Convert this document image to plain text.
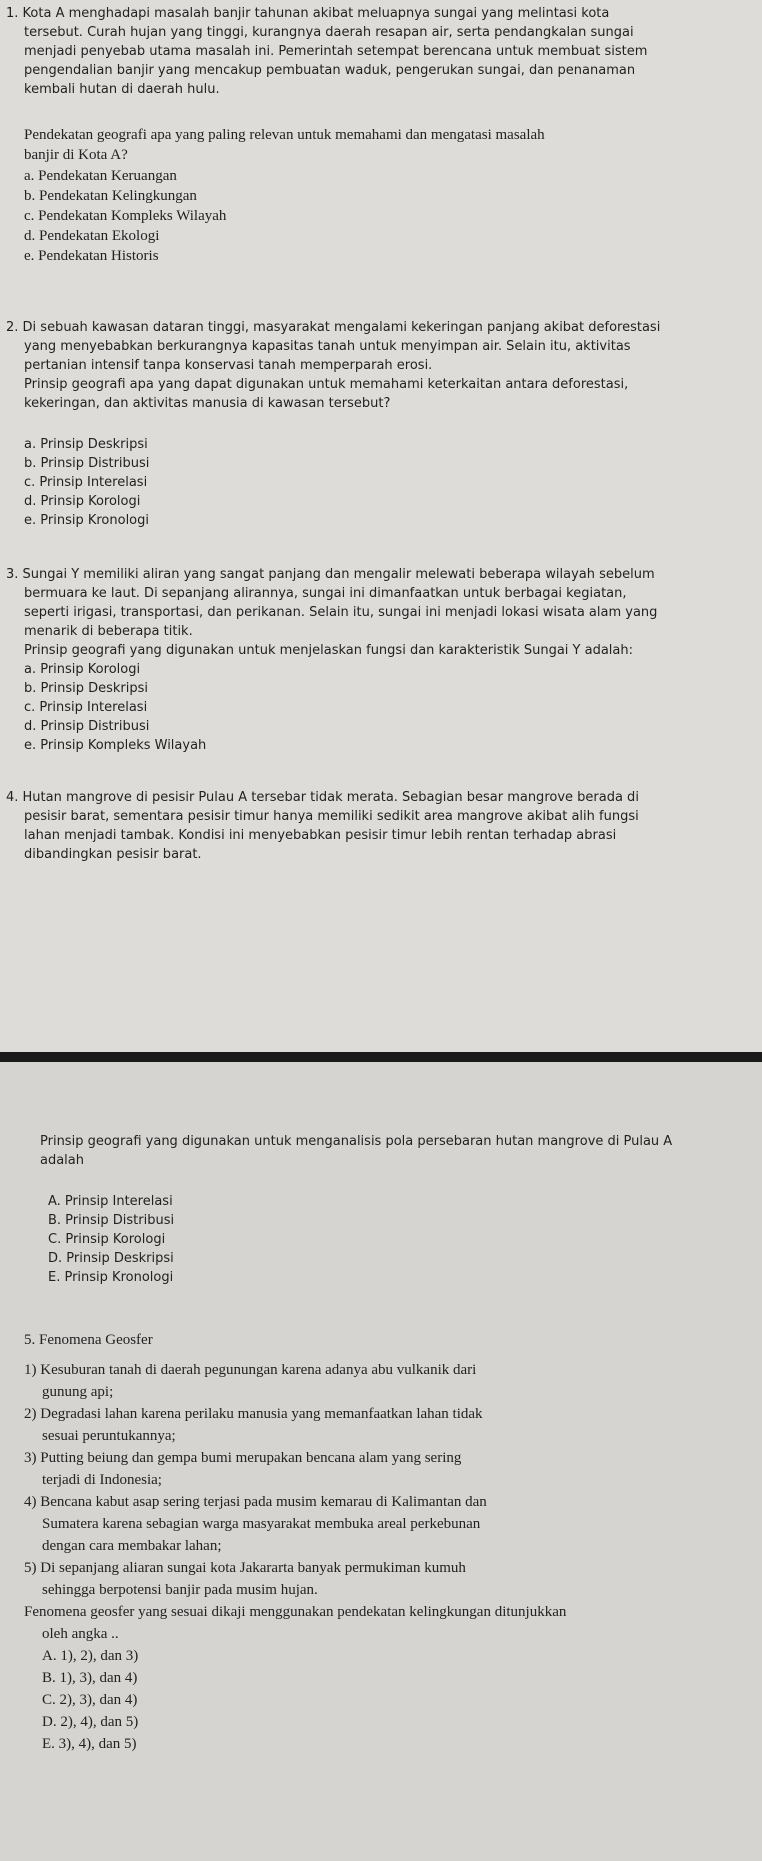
1. Kota A menghadapi masalah banjir tahunan akibat meluapnya sungai yang melintasi kota
tersebut. Curah hujan yang tinggi, kurangnya daerah resapan air, serta pendangkalan sungai
menjadi penyebab utama masalah ini. Pemerintah setempat berencana untuk membuat sistem
pengendalian banjir yang mencakup pembuatan waduk, pengerukan sungai, dan penanaman
kembali hutan di daerah hulu.
Pendekatan geografi apa yang paling relevan untuk memahami dan mengatasi masalah
banjir di Kota A?
a. Pendekatan Keruangan
b. Pendekatan Kelingkungan
c. Pendekatan Kompleks Wilayah
d. Pendekatan Ekologi
e. Pendekatan Historis
2. Di sebuah kawasan dataran tinggi, masyarakat mengalami kekeringan panjang akibat deforestasi
yang menyebabkan berkurangnya kapasitas tanah untuk menyimpan air. Selain itu, aktivitas
pertanian intensif tanpa konservasi tanah memperparah erosi.
Prinsip geografi apa yang dapat digunakan untuk memahami keterkaitan antara deforestasi,
kekeringan, dan aktivitas manusia di kawasan tersebut?
a. Prinsip Deskripsi
b. Prinsip Distribusi
c. Prinsip Interelasi
d. Prinsip Korologi
e. Prinsip Kronologi
3. Sungai Y memiliki aliran yang sangat panjang dan mengalir melewati beberapa wilayah sebelum
bermuara ke laut. Di sepanjang alirannya, sungai ini dimanfaatkan untuk berbagai kegiatan,
seperti irigasi, transportasi, dan perikanan. Selain itu, sungai ini menjadi lokasi wisata alam yang
menarik di beberapa titik.
Prinsip geografi yang digunakan untuk menjelaskan fungsi dan karakteristik Sungai Y adalah:
a. Prinsip Korologi
b. Prinsip Deskripsi
c. Prinsip Interelasi
d. Prinsip Distribusi
e. Prinsip Kompleks Wilayah
4. Hutan mangrove di pesisir Pulau A tersebar tidak merata. Sebagian besar mangrove berada di
pesisir barat, sementara pesisir timur hanya memiliki sedikit area mangrove akibat alih fungsi
lahan menjadi tambak. Kondisi ini menyebabkan pesisir timur lebih rentan terhadap abrasi
dibandingkan pesisir barat.
Prinsip geografi yang digunakan untuk menganalisis pola persebaran hutan mangrove di Pulau A
adalah
A. Prinsip Interelasi
B. Prinsip Distribusi
C. Prinsip Korologi
D. Prinsip Deskripsi
E. Prinsip Kronologi
5. Fenomena Geosfer
1) Kesuburan tanah di daerah pegunungan karena adanya abu vulkanik dari
gunung api;
2) Degradasi lahan karena perilaku manusia yang memanfaatkan lahan tidak
sesuai peruntukannya;
3) Putting beiung dan gempa bumi merupakan bencana alam yang sering
terjadi di Indonesia;
4) Bencana kabut asap sering terjasi pada musim kemarau di Kalimantan dan
Sumatera karena sebagian warga masyarakat membuka areal perkebunan
dengan cara membakar lahan;
5) Di sepanjang aliaran sungai kota Jakararta banyak permukiman kumuh
sehingga berpotensi banjir pada musim hujan.
Fenomena geosfer yang sesuai dikaji menggunakan pendekatan kelingkungan ditunjukkan
oleh angka ..
A. 1), 2), dan 3)
B. 1), 3), dan 4)
C. 2), 3), dan 4)
D. 2), 4), dan 5)
E. 3), 4), dan 5)
